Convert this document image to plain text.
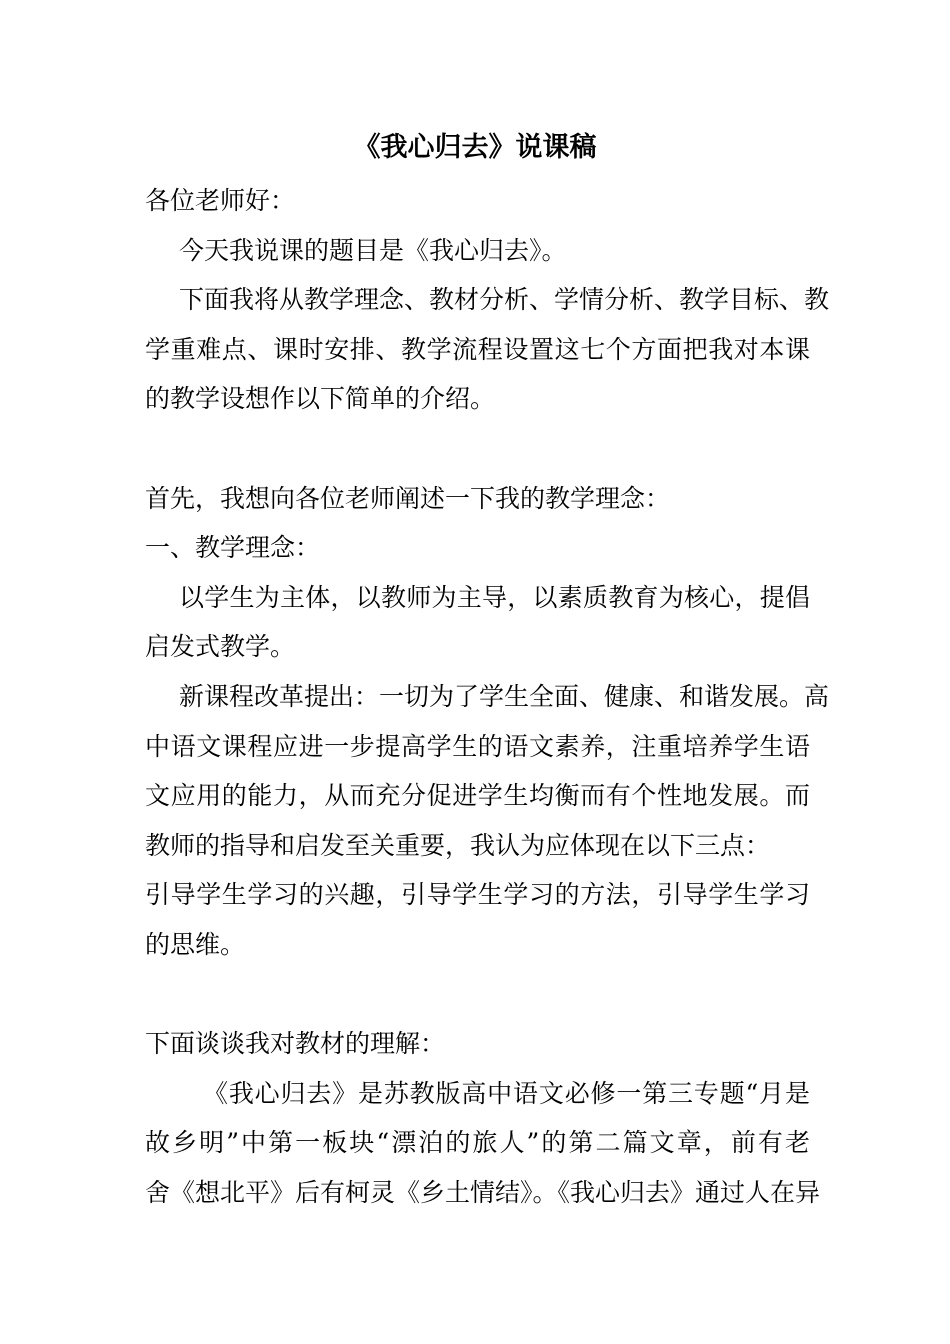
《我心归去》说课稿
各位老师好：
今天我说课的题目是《我心归去》。
下面我将从教学理念、教材分析、学情分析、教学目标、教
学重难点、课时安排、教学流程设置这七个方面把我对本课
的教学设想作以下简单的介绍。
首先，我想向各位老师阐述一下我的教学理念：
一、教学理念：
以学生为主体，以教师为主导，以素质教育为核心，提倡
启发式教学。
新课程改革提出：一切为了学生全面、健康、和谐发展。高
中语文课程应进一步提高学生的语文素养，注重培养学生语
文应用的能力，从而充分促进学生均衡而有个性地发展。而
教师的指导和启发至关重要，我认为应体现在以下三点：
引导学生学习的兴趣，引导学生学习的方法，引导学生学习
的思维。
下面谈谈我对教材的理解：
《我心归去》是苏教版高中语文必修一第三专题“月是
故乡明”中第一板块“漂泊的旅人”的第二篇文章，前有老
舍《想北平》后有柯灵《乡土情结》。《我心归去》通过人在异
